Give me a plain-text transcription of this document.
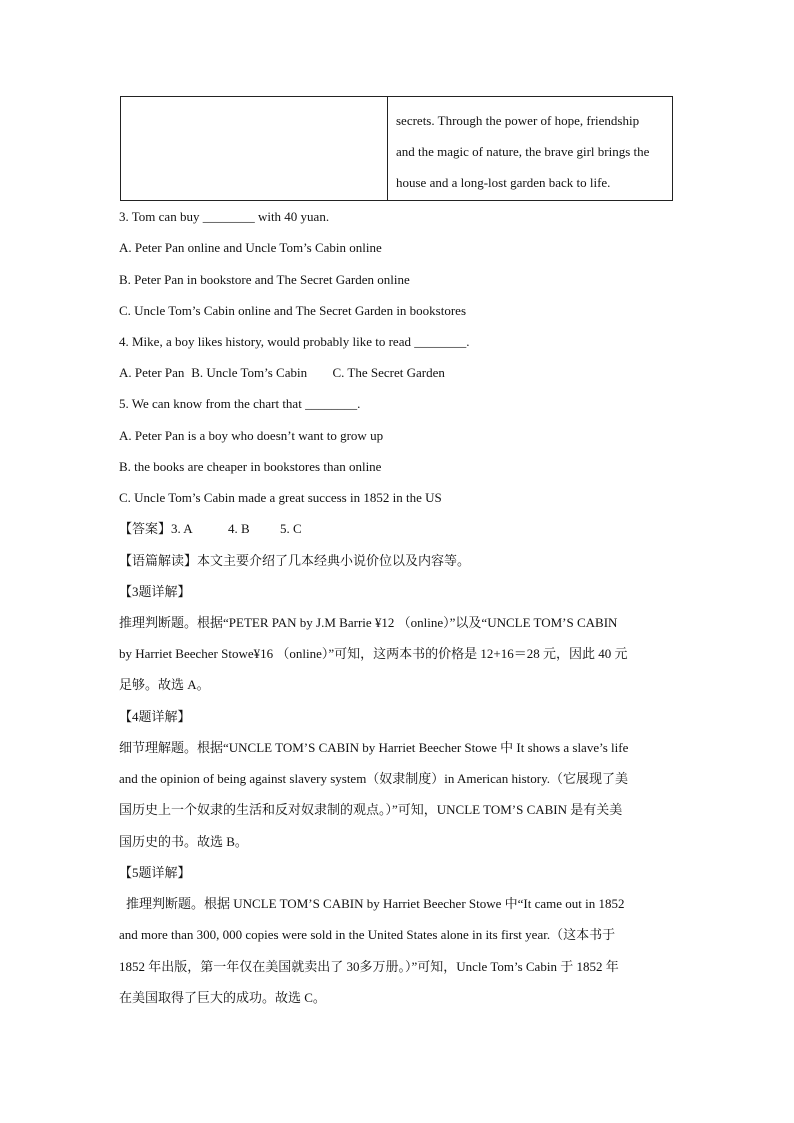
secrets. Through the power of hope, friendship
and the magic of nature, the brave girl brings the
house and a long-lost garden back to life.
3. Tom can buy ________ with 40 yuan.
A. Peter Pan online and Uncle Tom’s Cabin online
B. Peter Pan in bookstore and The Secret Garden online
C. Uncle Tom’s Cabin online and The Secret Garden in bookstores
4. Mike, a boy likes history, would probably like to read ________.
A. Peter Pan B. Uncle Tom’s Cabin C. The Secret Garden
5. We can know from the chart that ________.
A. Peter Pan is a boy who doesn’t want to grow up
B. the books are cheaper in bookstores than online
C. Uncle Tom’s Cabin made a great success in 1852 in the US
【答案】3. A	4. B 5. C
【语篇解读】本文主要介绍了几本经典小说价位以及内容等。
【3题详解】
推理判断题。根据“PETER PAN by J.M Barrie ¥12 （online）”以及“UNCLE TOM’S CABIN
by Harriet Beecher Stowe¥16 （online）”可知，这两本书的价格是 12+16＝28 元，因此 40 元
足够。故选 A。
【4题详解】
细节理解题。根据“UNCLE TOM’S CABIN by Harriet Beecher Stowe 中 It shows a slave’s life
and the opinion of being against slavery system（奴隶制度）in American history.（它展现了美
国历史上一个奴隶的生活和反对奴隶制的观点。）”可知，UNCLE TOM’S CABIN 是有关美
国历史的书。故选 B。
【5题详解】
推理判断题。根据 UNCLE TOM’S CABIN by Harriet Beecher Stowe 中“It came out in 1852
and more than 300, 000 copies were sold in the United States alone in its first year.（这本书于
1852 年出版，第一年仅在美国就卖出了 30多万册。）”可知，Uncle Tom’s Cabin 于 1852 年
在美国取得了巨大的成功。故选 C。
